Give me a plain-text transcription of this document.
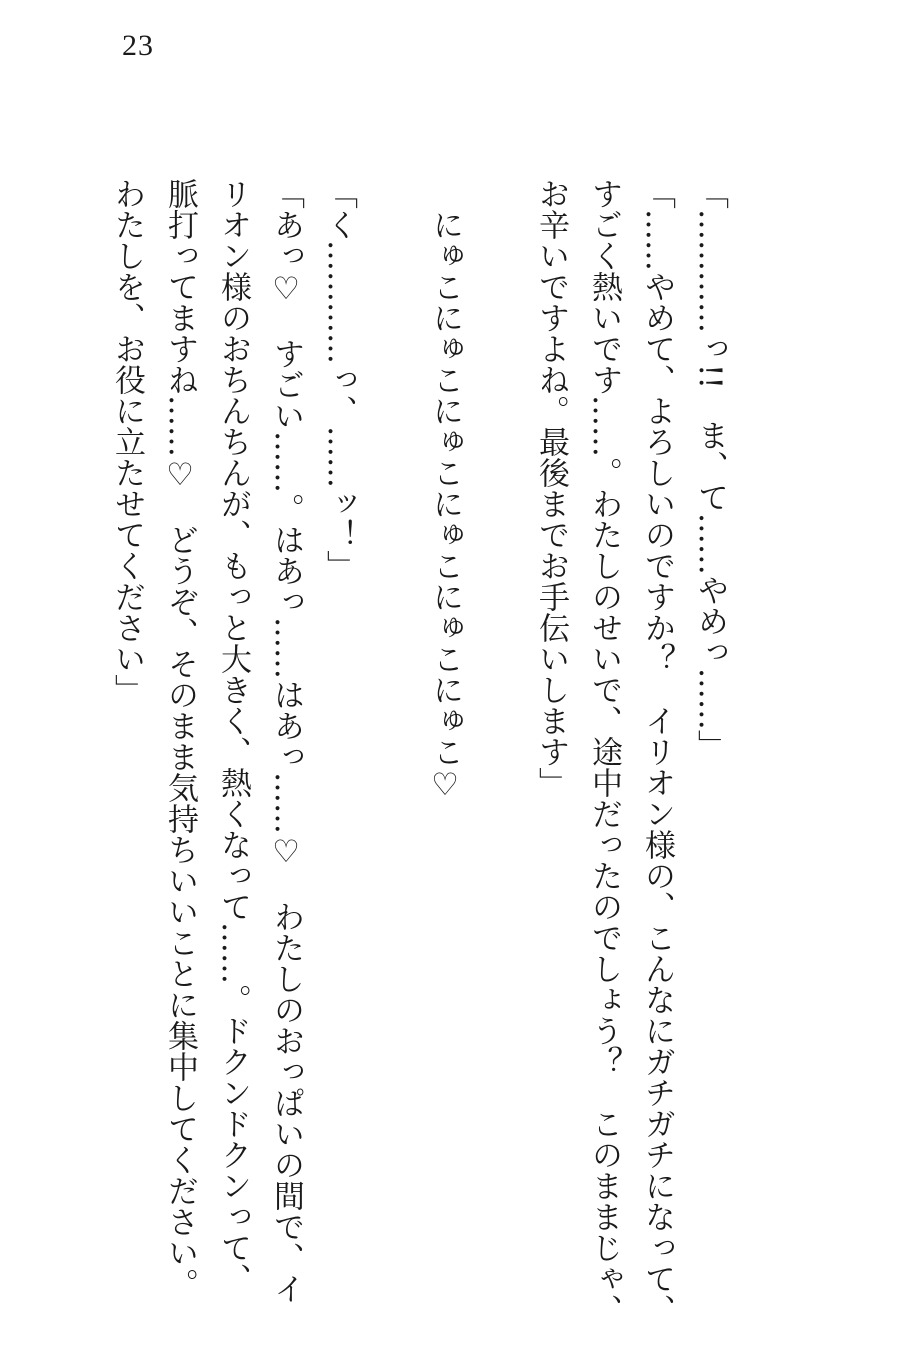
23
「…………っ!!　ま、て……やめっ……」
「……やめて、よろしいのですか？　イリオン様の、こんなにガチガチになって、
すごく熱いです……。わたしのせいで、途中だったのでしょう？　このままじゃ、
お辛いですよね。最後までお手伝いします」
にゅこにゅこにゅこにゅこにゅこにゅこ♡
「く…………っ、……ッ！」
「あっ♡　すごい……。はあっ……はあっ……♡　わたしのおっぱいの間で、イ
リオン様のおちんちんが、もっと大きく、熱くなって……。ドクンドクンって、
脈打ってますね……♡　どうぞ、そのまま気持ちいいことに集中してください。
わたしを、お役に立たせてください」
